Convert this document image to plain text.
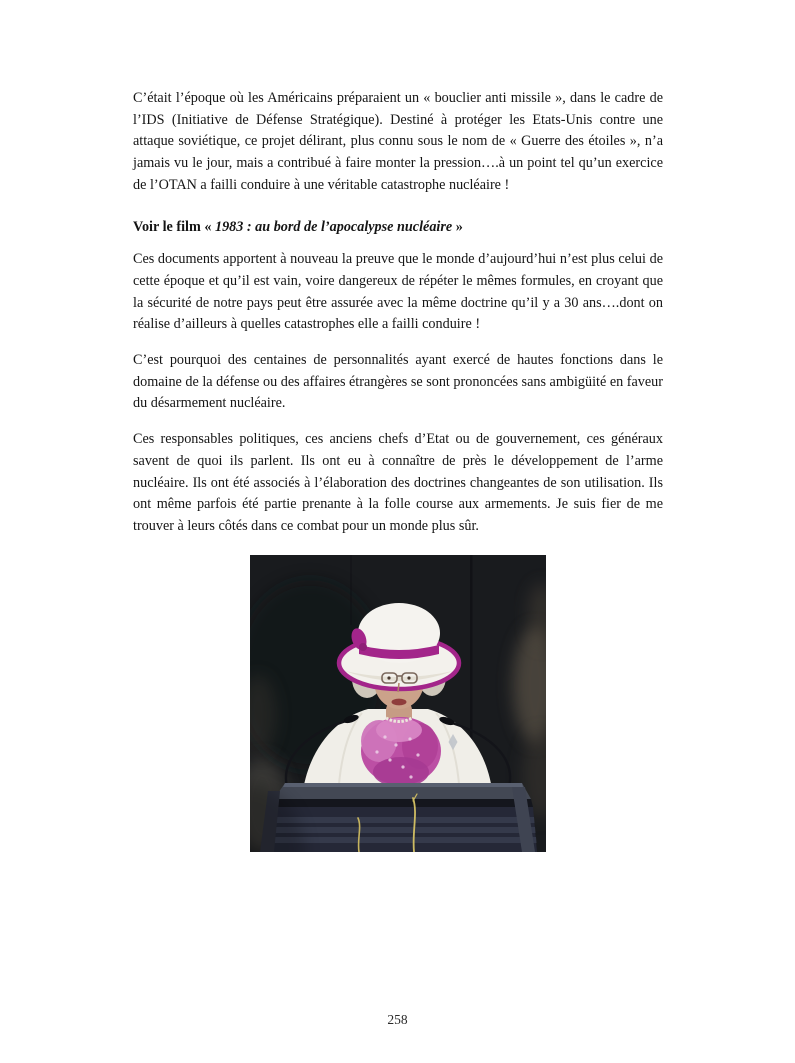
C’était l’époque où les Américains préparaient un « bouclier anti missile », dans le cadre de l’IDS (Initiative de Défense Stratégique). Destiné à protéger les Etats-Unis contre une attaque soviétique, ce projet délirant, plus connu sous le nom de « Guerre des étoiles », n’a jamais vu le jour, mais a contribué à faire monter la pression….à un point tel qu’un exercice de l’OTAN a failli conduire à une véritable catastrophe nucléaire !

Voir le film « 1983 : au bord de l’apocalypse nucléaire »

Ces documents apportent à nouveau la preuve que le monde d’aujourd’hui n’est plus celui de cette époque et qu’il est vain, voire dangereux de répéter le mêmes formules, en croyant que la sécurité de notre pays peut être assurée avec la même doctrine qu’il y a 30 ans….dont on réalise d’ailleurs à quelles catastrophes elle a failli conduire !

C’est pourquoi des centaines de personnalités ayant exercé de hautes fonctions dans le domaine de la défense ou des affaires étrangères se sont prononcées sans ambigüité en faveur du désarmement nucléaire.

Ces responsables politiques, ces anciens chefs d’Etat ou de gouvernement, ces généraux savent de quoi ils parlent. Ils ont eu à connaître de près le développement de l’arme nucléaire. Ils ont été associés à l’élaboration des doctrines changeantes de son utilisation. Ils ont même parfois été partie prenante à la folle course aux armements. Je suis fier de me trouver à leurs côtés dans ce combat pour un monde plus sûr.

258
